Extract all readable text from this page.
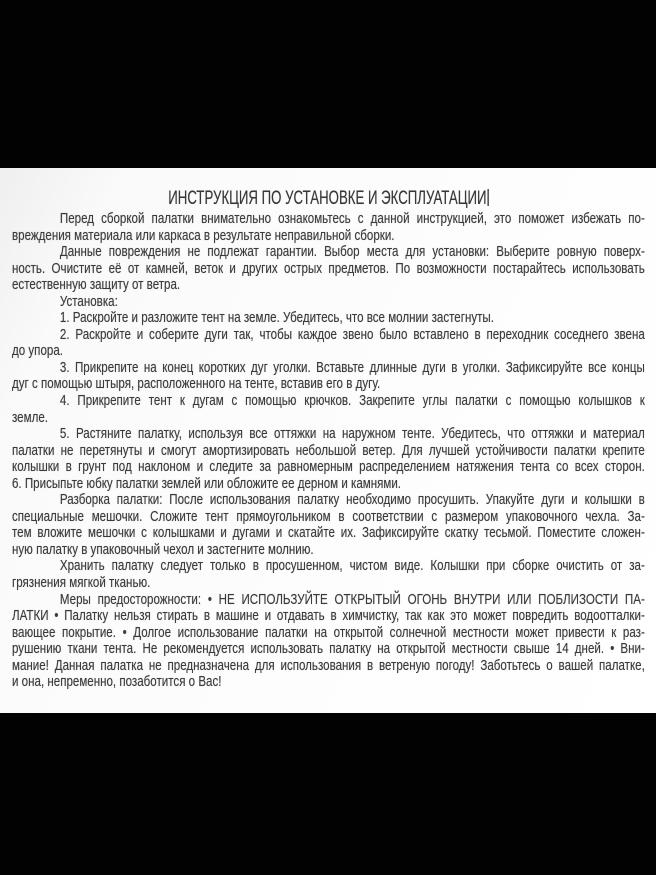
ИНСТРУКЦИЯ ПО УСТАНОВКЕ И ЭКСПЛУАТАЦИИ
Перед сборкой палатки внимательно ознакомьтесь с данной инструкцией, это поможет избежать по-
вреждения материала или каркаса в результате неправильной сборки.
Данные повреждения не подлежат гарантии. Выбор места для установки: Выберите ровную поверх-
ность. Очистите её от камней, веток и других острых предметов. По возможности постарайтесь использовать
естественную защиту от ветра.
Установка:
1. Раскройте и разложите тент на земле. Убедитесь, что все молнии застегнуты.
2. Раскройте и соберите дуги так, чтобы каждое звено было вставлено в переходник соседнего звена
до упора.
3. Прикрепите на конец коротких дуг уголки. Вставьте длинные дуги в уголки. Зафиксируйте все концы
дуг с помощью штыря, расположенного на тенте, вставив его в дугу.
4. Прикрепите тент к дугам с помощью крючков. Закрепите углы палатки с помощью колышков к
земле.
5. Растяните палатку, используя все оттяжки на наружном тенте. Убедитесь, что оттяжки и материал
палатки не перетянуты и смогут амортизировать небольшой ветер. Для лучшей устойчивости палатки крепите
колышки в грунт под наклоном и следите за равномерным распределением натяжения тента со всех сторон.
6. Присыпьте юбку палатки землей или обложите ее дерном и камнями.
Разборка палатки: После использования палатку необходимо просушить. Упакуйте дуги и колышки в
специальные мешочки. Сложите тент прямоугольником в соответствии с размером упаковочного чехла. За-
тем вложите мешочки с колышками и дугами и скатайте их. Зафиксируйте скатку тесьмой. Поместите сложен-
ную палатку в упаковочный чехол и застегните молнию.
Хранить палатку следует только в просушенном, чистом виде. Колышки при сборке очистить от за-
грязнения мягкой тканью.
Меры предосторожности: • НЕ ИСПОЛЬЗУЙТЕ ОТКРЫТЫЙ ОГОНЬ ВНУТРИ ИЛИ ПОБЛИЗОСТИ ПА-
ЛАТКИ • Палатку нельзя стирать в машине и отдавать в химчистку, так как это может повредить водоотталки-
вающее покрытие. • Долгое использование палатки на открытой солнечной местности может привести к раз-
рушению ткани тента. Не рекомендуется использовать палатку на открытой местности свыше 14 дней. • Вни-
мание! Данная палатка не предназначена для использования в ветреную погоду! Заботьтесь о вашей палатке,
и она, непременно, позаботится о Вас!
